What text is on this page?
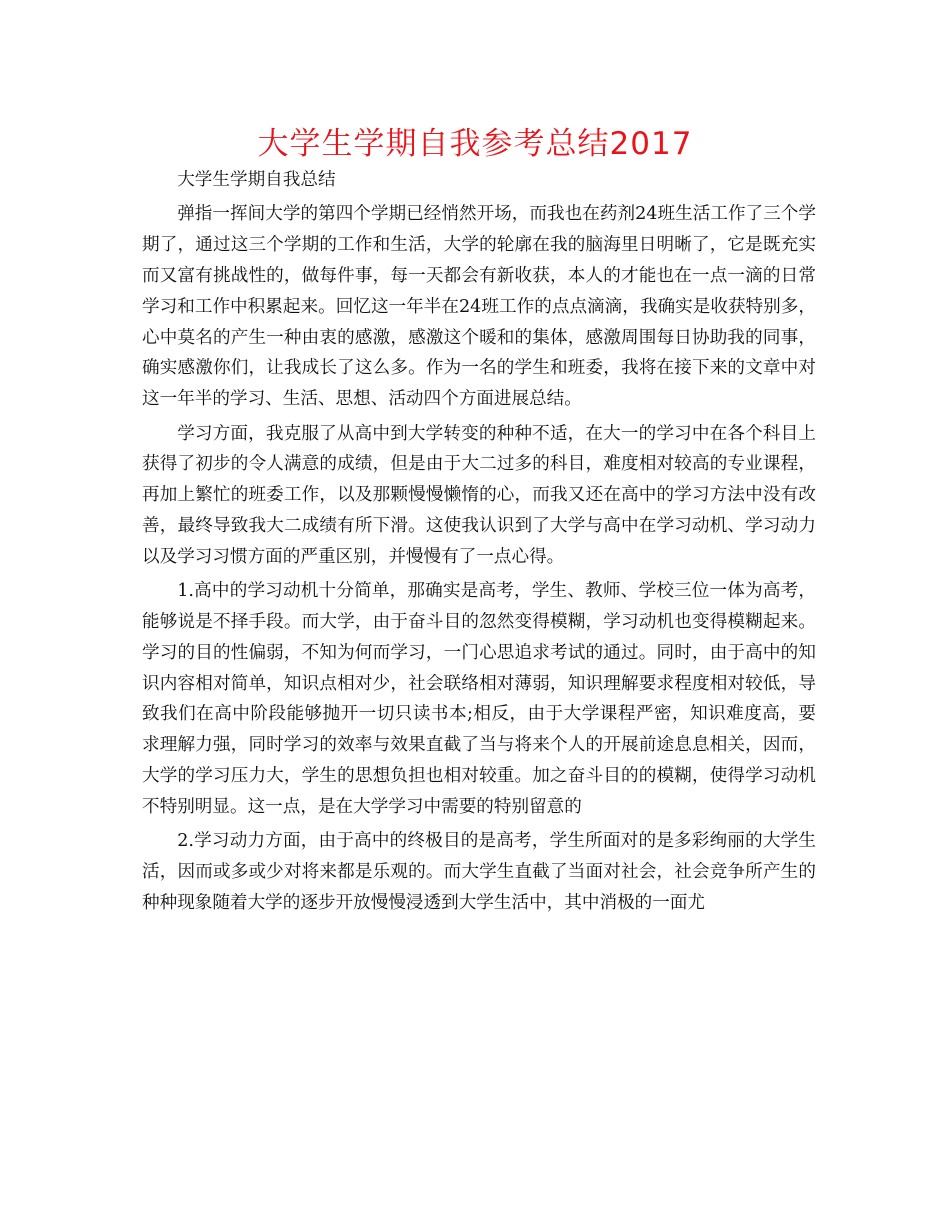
大学生学期自我参考总结2017

大学生学期自我总结

弹指一挥间大学的第四个学期已经悄然开场，而我也在药剂24班生活工作了三个学期了，通过这三个学期的工作和生活，大学的轮廓在我的脑海里日明晰了，它是既充实而又富有挑战性的，做每件事，每一天都会有新收获，本人的才能也在一点一滴的日常学习和工作中积累起来。回忆这一年半在24班工作的点点滴滴，我确实是收获特别多，心中莫名的产生一种由衷的感激，感激这个暖和的集体，感激周围每日协助我的同事，确实感激你们，让我成长了这么多。作为一名的学生和班委，我将在接下来的文章中对这一年半的学习、生活、思想、活动四个方面进展总结。

学习方面，我克服了从高中到大学转变的种种不适，在大一的学习中在各个科目上获得了初步的令人满意的成绩，但是由于大二过多的科目，难度相对较高的专业课程，再加上繁忙的班委工作，以及那颗慢慢懒惰的心，而我又还在高中的学习方法中没有改善，最终导致我大二成绩有所下滑。这使我认识到了大学与高中在学习动机、学习动力以及学习习惯方面的严重区别，并慢慢有了一点心得。

1.高中的学习动机十分简单，那确实是高考，学生、教师、学校三位一体为高考，能够说是不择手段。而大学，由于奋斗目的忽然变得模糊，学习动机也变得模糊起来。学习的目的性偏弱，不知为何而学习，一门心思追求考试的通过。同时，由于高中的知识内容相对简单，知识点相对少，社会联络相对薄弱，知识理解要求程度相对较低，导致我们在高中阶段能够抛开一切只读书本;相反，由于大学课程严密，知识难度高，要求理解力强，同时学习的效率与效果直截了当与将来个人的开展前途息息相关，因而，大学的学习压力大，学生的思想负担也相对较重。加之奋斗目的的模糊，使得学习动机不特别明显。这一点，是在大学学习中需要的特别留意的

2.学习动力方面，由于高中的终极目的是高考，学生所面对的是多彩绚丽的大学生活，因而或多或少对将来都是乐观的。而大学生直截了当面对社会，社会竞争所产生的种种现象随着大学的逐步开放慢慢浸透到大学生活中，其中消极的一面尤
